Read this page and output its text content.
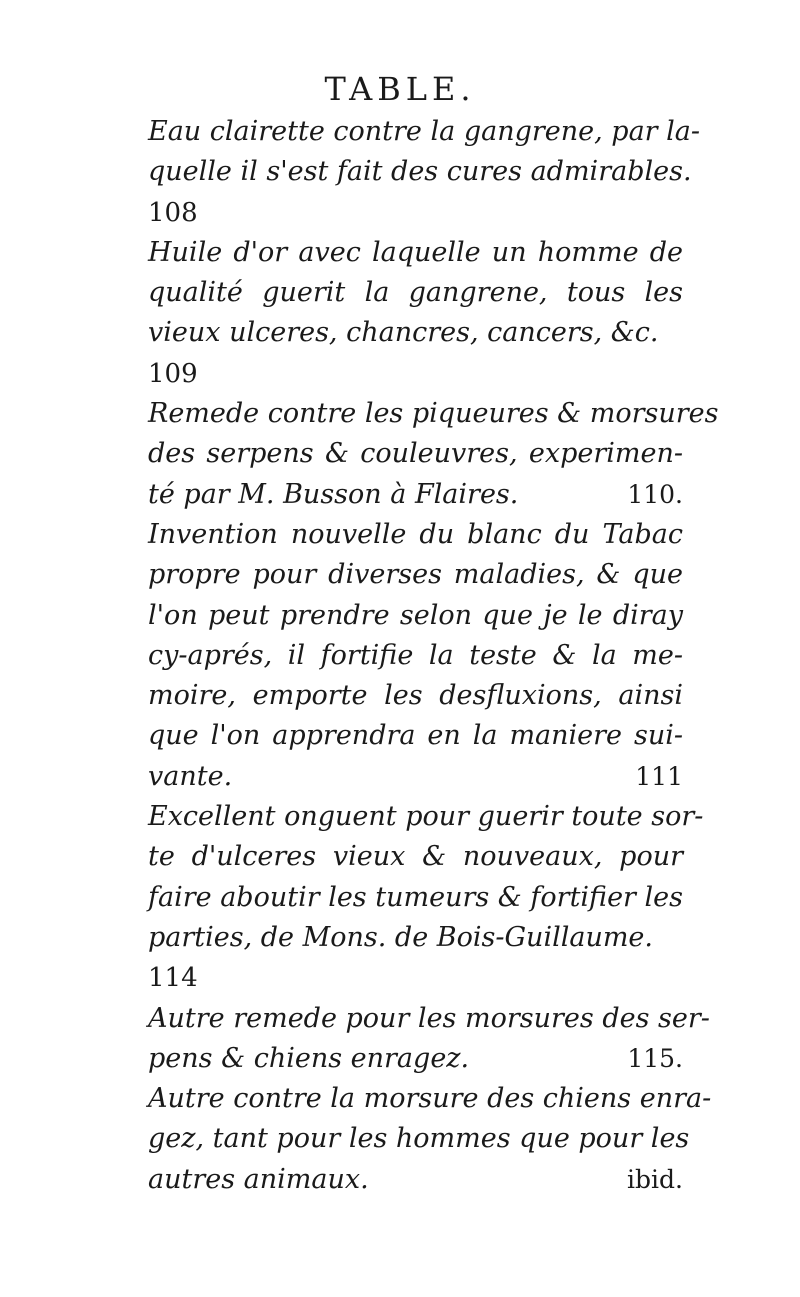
TABLE.
Eau clairette contre la gangrene, par la-
quelle il s'est fait des cures admirables.
108
Huile d'or avec laquelle un homme de
qualité guerit la gangrene, tous les
vieux ulceres, chancres, cancers, &c.
109
Remede contre les piqueures & morsures
des serpens & couleuvres, experimen-
té par M. Busson à Flaires.	110.
Invention nouvelle du blanc du Tabac
propre pour diverses maladies, & que
l'on peut prendre selon que je le diray
cy-aprés, il fortifie la teste & la me-
moire, emporte les desfluxions, ainsi
que l'on apprendra en la maniere sui-
vante.	111
Excellent onguent pour guerir toute sor-
te d'ulceres vieux & nouveaux, pour
faire aboutir les tumeurs & fortifier les
parties, de Mons. de Bois-Guillaume.
114
Autre remede pour les morsures des ser-
pens & chiens enragez.	115.
Autre contre la morsure des chiens enra-
gez, tant pour les hommes que pour les
autres animaux.	ibid.
